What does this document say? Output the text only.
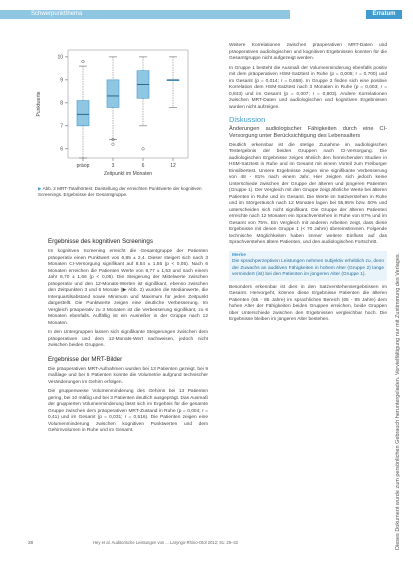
Schwerpunktthema	Erratum
Dieses Dokument wurde zum persönlichen Gebrauch heruntergeladen. Vervielfältigung nur mit Zustimmung des Verlages.
6
7
8
9
10
Punktwerte
präop	3	6	12
Zeitpunkt im Monaten
▶ Abb. 2 MRT-Totalhörtest: Darstellung der erreichten Punktwerte der kognitiven Screenings. Ergebnisse der Gesamtgruppe.
Ergebnisse des kognitiven Screenings
Im kognitiven Screening erreicht die Gesamtgruppe der Patienten präoperativ einen Punktwert von 6,85 ± 2,4. Dieser steigert sich nach 3 Monaten CI-Versorgung signifikant auf 8,54 ± 1,55 (p < 0,05). Nach 6 Monaten erreichen die Patienten Werte von 8,77 ± 1,53 und nach einem Jahr 8,70 ± 1,66 (p < 0,05). Die Steigerung der Mittelwerte zwischen präoperativ und den 12-Monats-Werten ist signifikant, ebenso zwischen den Zeitpunkten 3 und 6 Monate (▶ Abb. 2) wurden die Medianwerte, die Interquartilsabstand sowie Minimum und Maximum für jeden Zeitpunkt dargestellt. Die Punktwerte zeigen eine deutliche Verbesserung. Im Vergleich präoperativ zu 3 Monaten ist die Verbesserung signifikant, zu 6 Monaten ebenfalls. Auffällig ist ein Ausreißer in der Gruppe nach 12 Monaten.
In den Untergruppen lassen sich signifikante Steigerungen zwischen dem präoperativen und dem 12-Monats-Wert nachweisen, jedoch nicht zwischen beiden Gruppen.
Ergebnisse der MRT-Bilder
Die präoperativen MRT-Aufnahmen wurden bei 13 Patienten gezeigt, bei 9 maßlage und bei 5 Patienten konnte die Volumetrie aufgrund technischer Veränderungen im Gehirn erfolgen.
Die gruppenweise Volumenminderung des Gehirns bei 13 Patienten gering, bei 10 mäßig und bei 3 Patienten deutlich ausgeprägt. Das Ausmaß der gruppierten Volumenminderung lässt sich im Ergebnis für die gesamte Gruppe zwischen dem präoperativen MRT-Zustand in Ruhe (p = 0,004; r = 0,41) und im Gesamt (p = 0,031; r = 0,516). Die Patienten zeigen eine Volumenminderung zwischen kognitiven Punktwerten und dem Gehirnvolumen in Ruhe und im Gesamt.
Weitere Korrelationen zwischen präoperativen MRT-Daten und präoperativen audiologischen und kognitiven Ergebnissen konnten für die Gesamtgruppe nicht aufgezeigt werden.
In Gruppe 1 besteht die Ausmaß der Volumenminderung ebenfalls positiv mit dem präoperativen HSM-Satztest in Ruhe (p = 0,005; r = 0,700) und im Gesamt (p = 0,014; r = 0,658). In Gruppe 2 finden sich eine positive Korrelation dem HSM-Satztest nach 3 Monaten in Ruhe (p = 0,003; r = 0,843) und im Gesamt (p = 0,007; r = 0,803). Andere Korrelationen zwischen MRT-Daten und audiologischen und kognitiven Ergebnissen wurden nicht aufzeigen.
Diskussion
Änderungen audiologischer Fähigkeiten durch eine CI-Versorgung unter Berücksichtigung des Lebensalters
Deutlich erkennbar ist die stetige Zunahme im audiologischen Testergebnis der beiden Gruppen nach CI-Versorgung. Die audiologischen Ergebnisse zeigen ähnlich den hinreichenden Studien in HSM-Satztest in Ruhe und im Gesamt mit einem Vorteil zum Freiburger Einsilbertest. Unsere Ergebnisse zeigen eine signifikante Verbesserung von 48 - 81% nach einem Jahr. Hier zeigten sich jedoch keine Unterschiede zwischen der Gruppe der älteren und jüngeren Patienten (Gruppe 1). Der Vergleich mit den Gruppe zeigt ähnliche Werte bei älteren Patienten in Ruhe und im Gesamt. Die Werte im Satzverstehen in Ruhe und im Störgeräusch nach 12 Monaten lagen bei 55,95% bzw. 60% und unterscheiden sich nicht signifikant. Die Gruppe der älteren Patienten erreichte nach 12 Monaten ein Sprachverstehen in Ruhe von 87% und im Gesamt von 75%. Ein Vergleich mit anderen Arbeiten zeigt, dass diese Ergebnisse mit denen Gruppe 1 (< 70 Jahre) übereinstimmen. Folgende technische Möglichkeiten haben immer weitere Einfluss auf das Sprachverstehen ältere Patienten, und den audiologischen Fortschritt.
Merke
Die sprachperzeptiven Leistungen nehmen subjektiv erheblich zu, denn der Zuwachs an auditiven Fähigkeiten in hohem Alter (Gruppe 2) lange vermindert (ist) bei den Patienten im jüngeren Alter (Gruppe 1).
Besonders erkennbar ist dies in den Satzverstehensergebnissen im Gesamt. Hervorgeht, können diese Ergebnisse Patienten die älteren Patienten (65 - 85 Jahre) im sprachlichen Bereich (65 - 85 Jahre) dem hohen Alter der Fähigkeiten beiden Gruppen erreichen, beide Gruppen über Unterschiede zwischen den Ergebnissen vergleichbar hoch. Die Ergebnisse bleiben im jüngeren Alter bestehen.
28	Hey et al. Auditorische Leistungen von ... Laryngo-Rhino-Otol 2012; 91: 25–32
